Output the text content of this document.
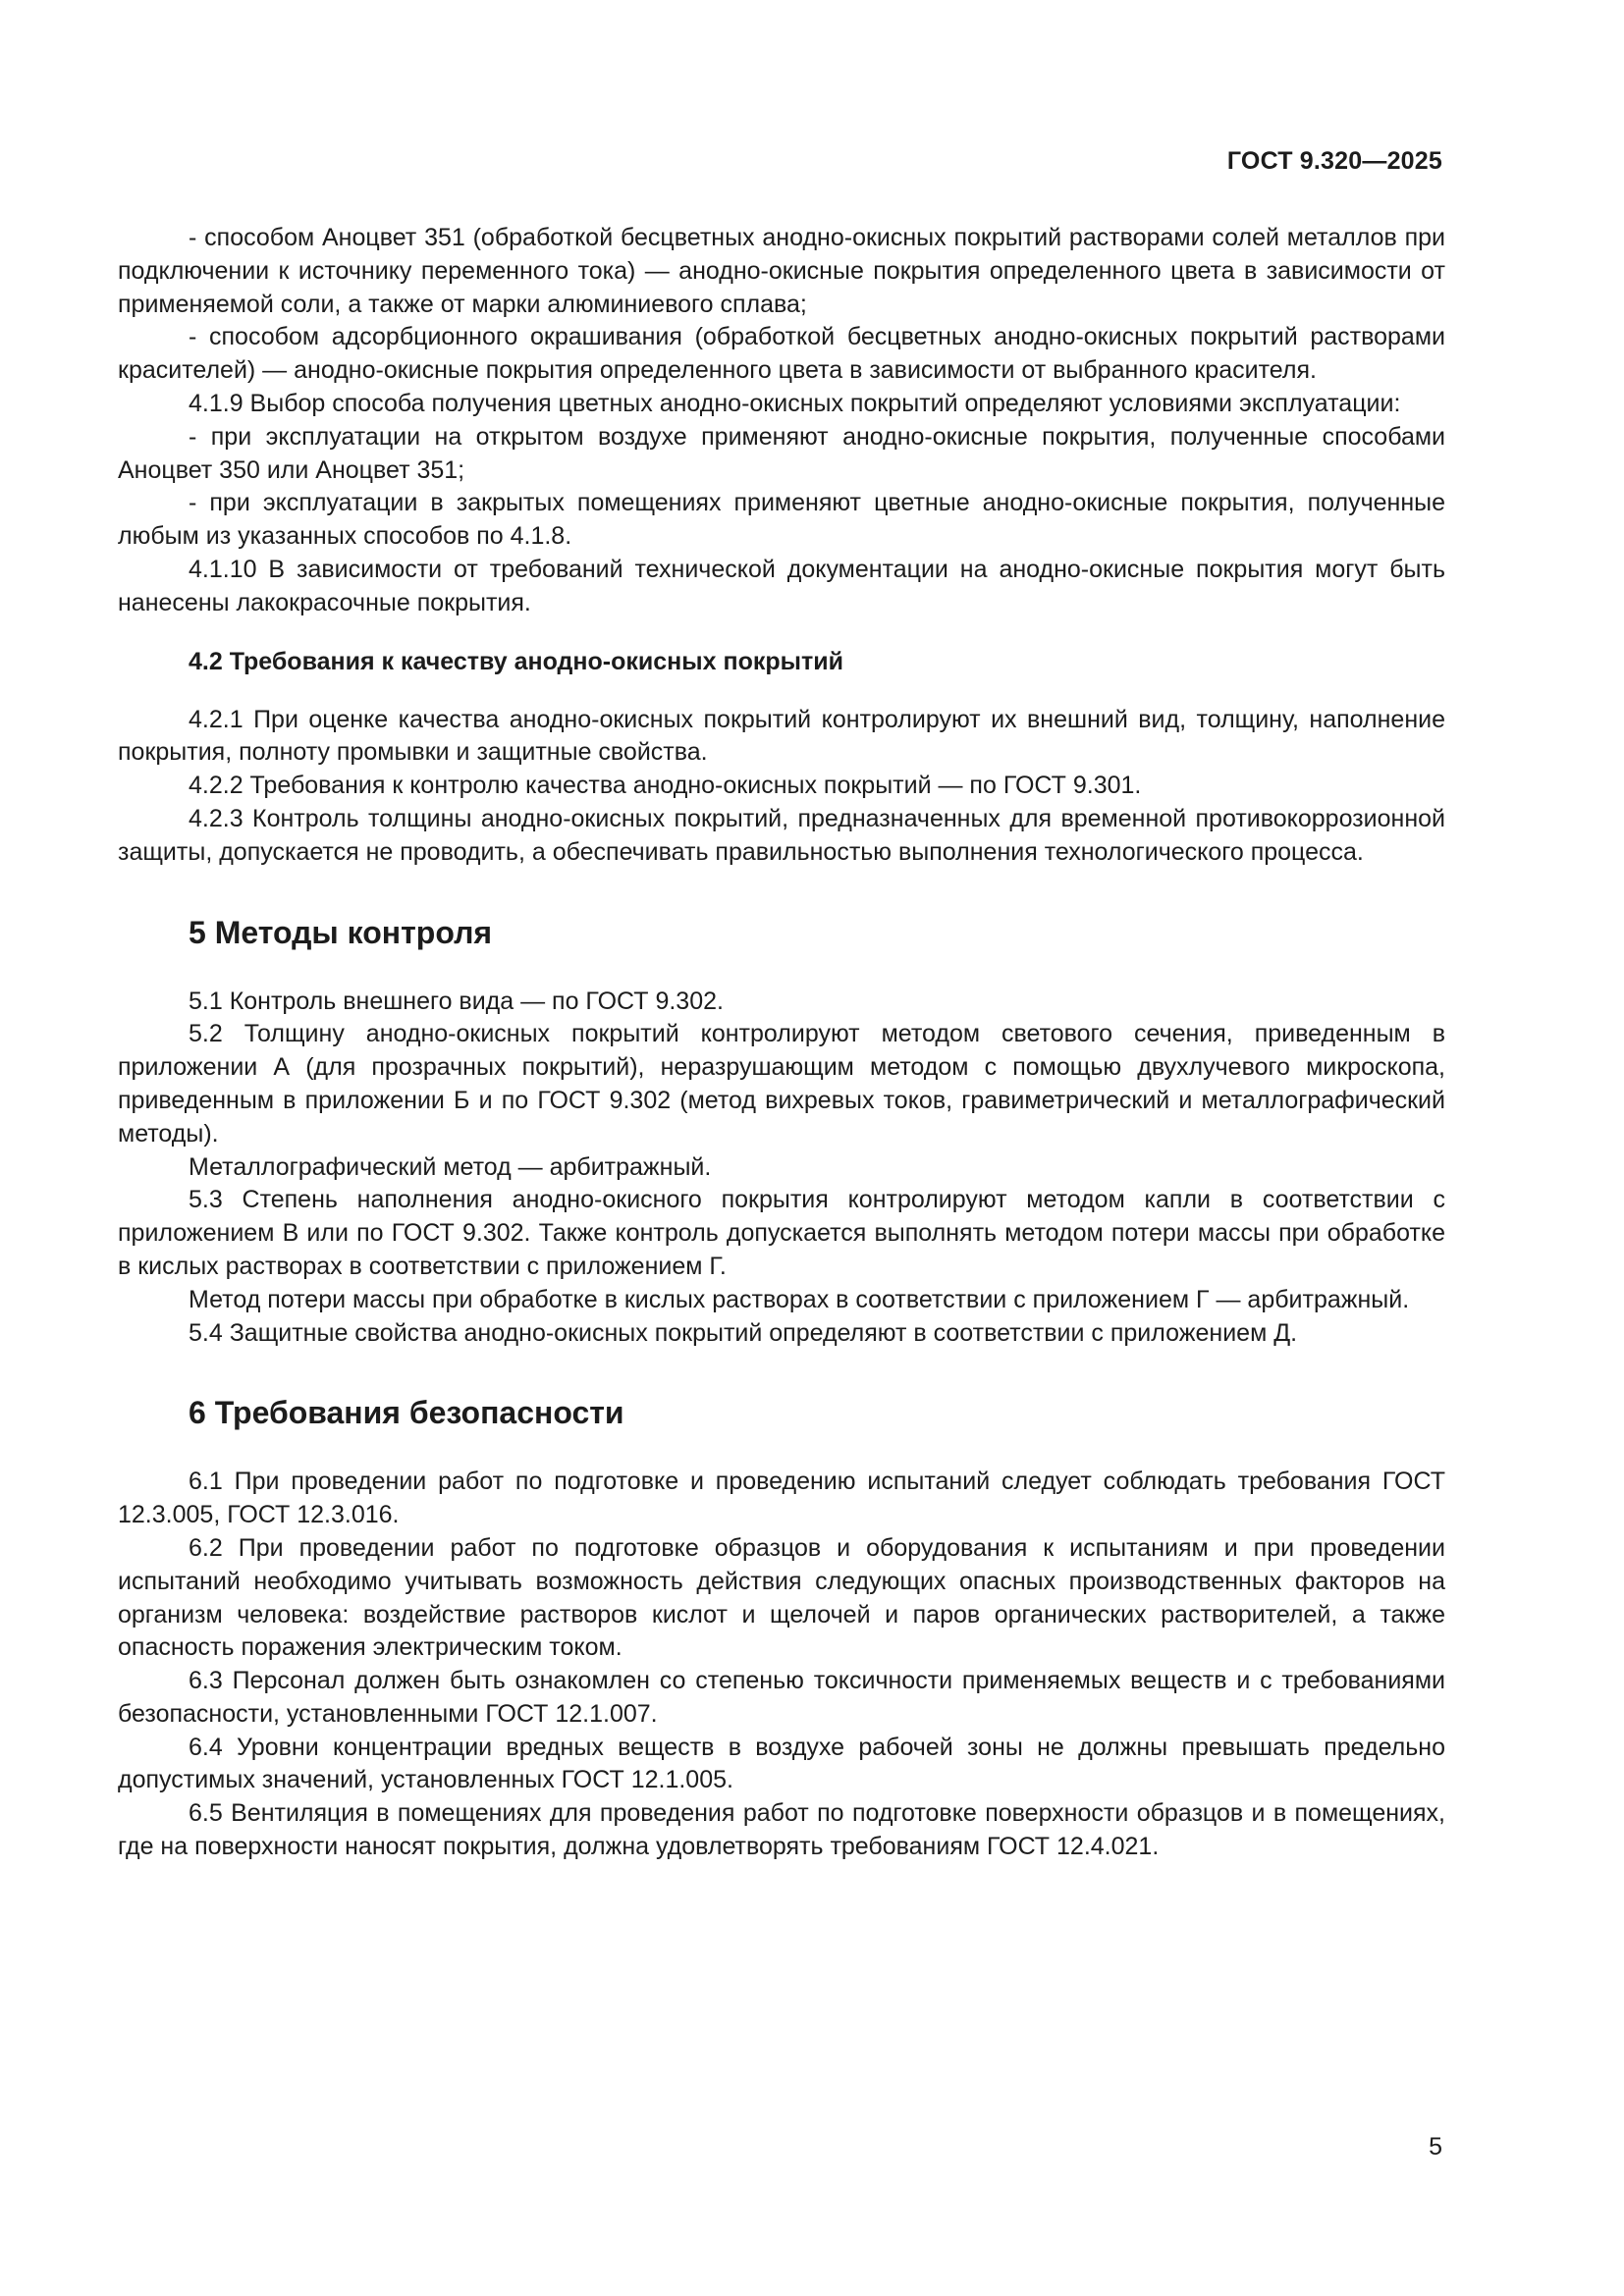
ГОСТ 9.320—2025

- способом Аноцвет 351 (обработкой бесцветных анодно-окисных покрытий растворами солей металлов при подключении к источнику переменного тока) — анодно-окисные покрытия определенного цвета в зависимости от применяемой соли, а также от марки алюминиевого сплава;

- способом адсорбционного окрашивания (обработкой бесцветных анодно-окисных покрытий растворами красителей) — анодно-окисные покрытия определенного цвета в зависимости от выбранного красителя.

4.1.9 Выбор способа получения цветных анодно-окисных покрытий определяют условиями эксплуатации:

- при эксплуатации на открытом воздухе применяют анодно-окисные покрытия, полученные способами Аноцвет 350 или Аноцвет 351;

- при эксплуатации в закрытых помещениях применяют цветные анодно-окисные покрытия, полученные любым из указанных способов по 4.1.8.

4.1.10 В зависимости от требований технической документации на анодно-окисные покрытия могут быть нанесены лакокрасочные покрытия.

4.2 Требования к качеству анодно-окисных покрытий

4.2.1 При оценке качества анодно-окисных покрытий контролируют их внешний вид, толщину, наполнение покрытия, полноту промывки и защитные свойства.

4.2.2 Требования к контролю качества анодно-окисных покрытий — по ГОСТ 9.301.

4.2.3 Контроль толщины анодно-окисных покрытий, предназначенных для временной противокоррозионной защиты, допускается не проводить, а обеспечивать правильностью выполнения технологического процесса.

5 Методы контроля

5.1 Контроль внешнего вида — по ГОСТ 9.302.

5.2 Толщину анодно-окисных покрытий контролируют методом светового сечения, приведенным в приложении А (для прозрачных покрытий), неразрушающим методом с помощью двухлучевого микроскопа, приведенным в приложении Б и по ГОСТ 9.302 (метод вихревых токов, гравиметрический и металлографический методы).

Металлографический метод — арбитражный.

5.3 Степень наполнения анодно-окисного покрытия контролируют методом капли в соответствии с приложением В или по ГОСТ 9.302. Также контроль допускается выполнять методом потери массы при обработке в кислых растворах в соответствии с приложением Г.

Метод потери массы при обработке в кислых растворах в соответствии с приложением Г — арбитражный.

5.4 Защитные свойства анодно-окисных покрытий определяют в соответствии с приложением Д.

6 Требования безопасности

6.1 При проведении работ по подготовке и проведению испытаний следует соблюдать требования ГОСТ 12.3.005, ГОСТ 12.3.016.

6.2 При проведении работ по подготовке образцов и оборудования к испытаниям и при проведении испытаний необходимо учитывать возможность действия следующих опасных производственных факторов на организм человека: воздействие растворов кислот и щелочей и паров органических растворителей, а также опасность поражения электрическим током.

6.3 Персонал должен быть ознакомлен со степенью токсичности применяемых веществ и с требованиями безопасности, установленными ГОСТ 12.1.007.

6.4 Уровни концентрации вредных веществ в воздухе рабочей зоны не должны превышать предельно допустимых значений, установленных ГОСТ 12.1.005.

6.5 Вентиляция в помещениях для проведения работ по подготовке поверхности образцов и в помещениях, где на поверхности наносят покрытия, должна удовлетворять требованиям ГОСТ 12.4.021.

5
